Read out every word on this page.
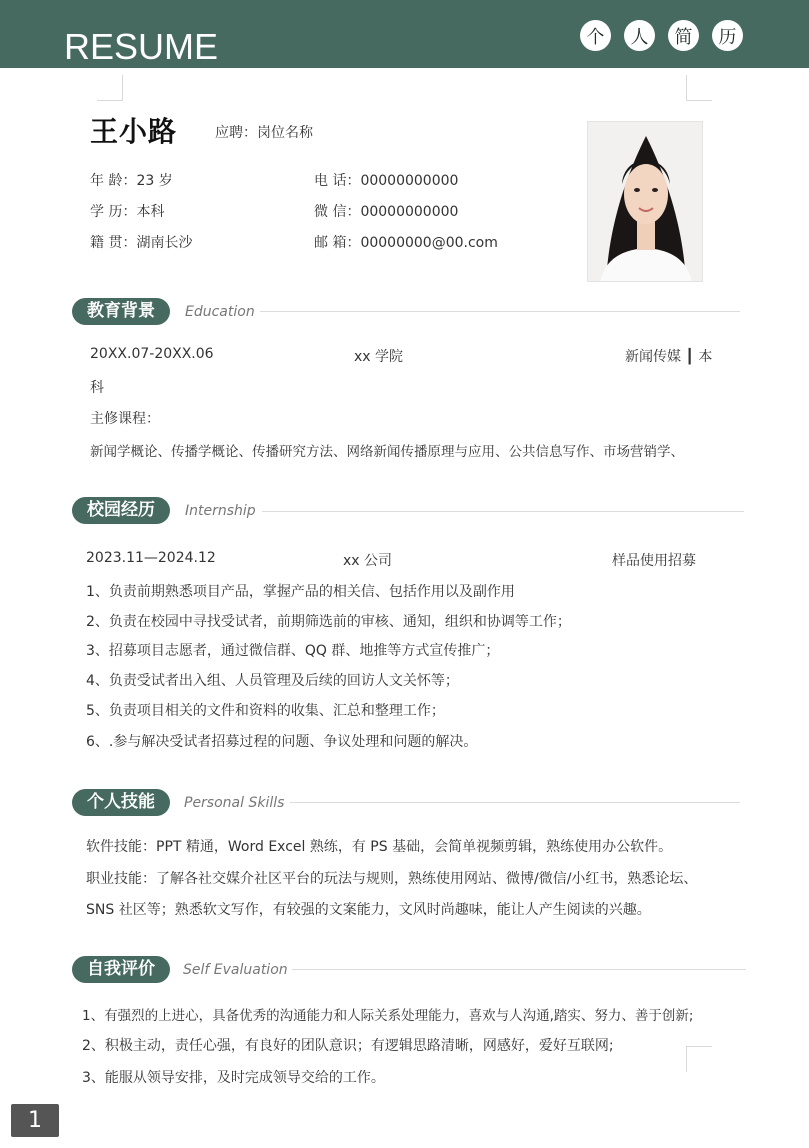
RESUME	个	人	简	历
王小路	应聘：岗位名称
年 龄：23 岁
学 历：本科
籍 贯：湖南长沙
电 话：00000000000
微 信：00000000000
邮 箱：00000000@00.com
教育背景	Education
20XX.07-20XX.06	xx 学院	新闻传媒 ┃ 本
科
主修课程：
新闻学概论、传播学概论、传播研究方法、网络新闻传播原理与应用、公共信息写作、市场营销学、
校园经历	Internship
2023.11—2024.12	xx 公司	样品使用招募
1、负责前期熟悉项目产品，掌握产品的相关信、包括作用以及副作用
2、负责在校园中寻找受试者，前期筛选前的审核、通知，组织和协调等工作；
3、招募项目志愿者，通过微信群、QQ 群、地推等方式宣传推广；
4、负责受试者出入组、人员管理及后续的回访人文关怀等；
5、负责项目相关的文件和资料的收集、汇总和整理工作；
6、.参与解决受试者招募过程的问题、争议处理和问题的解决。
个人技能	Personal Skills
软件技能：PPT 精通，Word Excel 熟练，有 PS 基础，会简单视频剪辑，熟练使用办公软件。
职业技能：了解各社交媒介社区平台的玩法与规则，熟练使用网站、微博/微信/小红书，熟悉论坛、
SNS 社区等；熟悉软文写作，有较强的文案能力，文风时尚趣味，能让人产生阅读的兴趣。
自我评价	Self Evaluation
1、有强烈的上进心，具备优秀的沟通能力和人际关系处理能力，喜欢与人沟通,踏实、努力、善于创新;
2、积极主动，责任心强，有良好的团队意识；有逻辑思路清晰，网感好，爱好互联网;
3、能服从领导安排，及时完成领导交给的工作。
1
